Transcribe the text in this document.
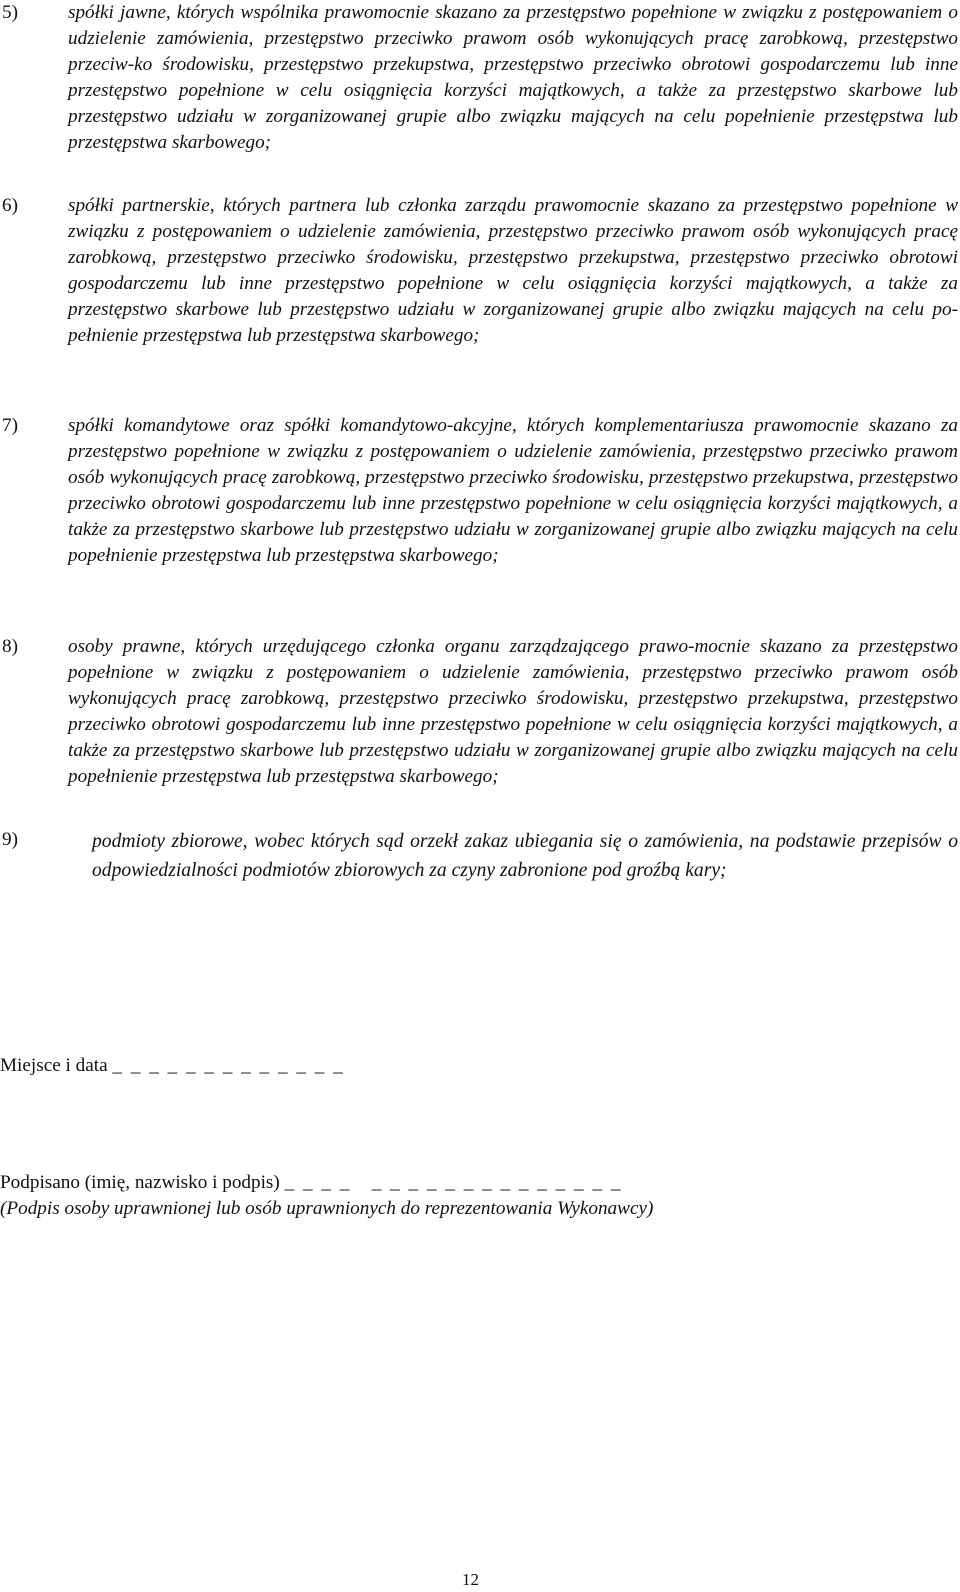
5)	spółki jawne, których wspólnika prawomocnie skazano za przestępstwo popełnione w związku z postępowaniem o udzielenie zamówienia, przestępstwo przeciwko prawom osób wykonujących pracę zarobkową, przestępstwo przeciw-ko środowisku, przestępstwo przekupstwa, przestępstwo przeciwko obrotowi gospodarczemu lub inne przestępstwo popełnione w celu osiągnięcia korzyści majątkowych, a także za przestępstwo skarbowe lub przestępstwo udziału w zorganizowanej grupie albo związku mających na celu popełnienie przestępstwa lub przestępstwa skarbowego;
6)	spółki partnerskie, których partnera lub członka zarządu prawomocnie skazano za przestępstwo popełnione w związku z postępowaniem o udzielenie zamówienia, przestępstwo przeciwko prawom osób wykonujących pracę zarobkową, przestępstwo przeciwko środowisku, przestępstwo przekupstwa, przestępstwo przeciwko obrotowi gospodarczemu lub inne przestępstwo popełnione w celu osiągnięcia korzyści majątkowych, a także za przestępstwo skarbowe lub przestępstwo udziału w zorganizowanej grupie albo związku mających na celu po-pełnienie przestępstwa lub przestępstwa skarbowego;
7)	spółki komandytowe oraz spółki komandytowo-akcyjne, których komplementariusza prawomocnie skazano za przestępstwo popełnione w związku z postępowaniem o udzielenie zamówienia, przestępstwo przeciwko prawom osób wykonujących pracę zarobkową, przestępstwo przeciwko środowisku, przestępstwo przekupstwa, przestępstwo przeciwko obrotowi gospodarczemu lub inne przestępstwo popełnione w celu osiągnięcia korzyści majątkowych, a także za przestępstwo skarbowe lub przestępstwo udziału w zorganizowanej grupie albo związku mających na celu popełnienie przestępstwa lub przestępstwa skarbowego;
8)	osoby prawne, których urzędującego członka organu zarządzającego prawo-mocnie skazano za przestępstwo popełnione w związku z postępowaniem o udzielenie zamówienia, przestępstwo przeciwko prawom osób wykonujących pracę zarobkową, przestępstwo przeciwko środowisku, przestępstwo przekupstwa, przestępstwo przeciwko obrotowi gospodarczemu lub inne przestępstwo popełnione w celu osiągnięcia korzyści majątkowych, a także za przestępstwo skarbowe lub przestępstwo udziału w zorganizowanej grupie albo związku mających na celu popełnienie przestępstwa lub przestępstwa skarbowego;
9)	podmioty zbiorowe, wobec których sąd orzekł zakaz ubiegania się o zamówienia, na podstawie przepisów o odpowiedzialności podmiotów zbiorowych za czyny zabronione pod groźbą kary;
Miejsce i data _ _ _ _ _ _ _ _ _ _ _ _ _
Podpisano (imię, nazwisko i podpis) _ _ _ _   _ _ _ _ _ _ _ _ _ _ _ _ _ _
(Podpis osoby uprawnionej lub osób uprawnionych do reprezentowania Wykonawcy)
12
